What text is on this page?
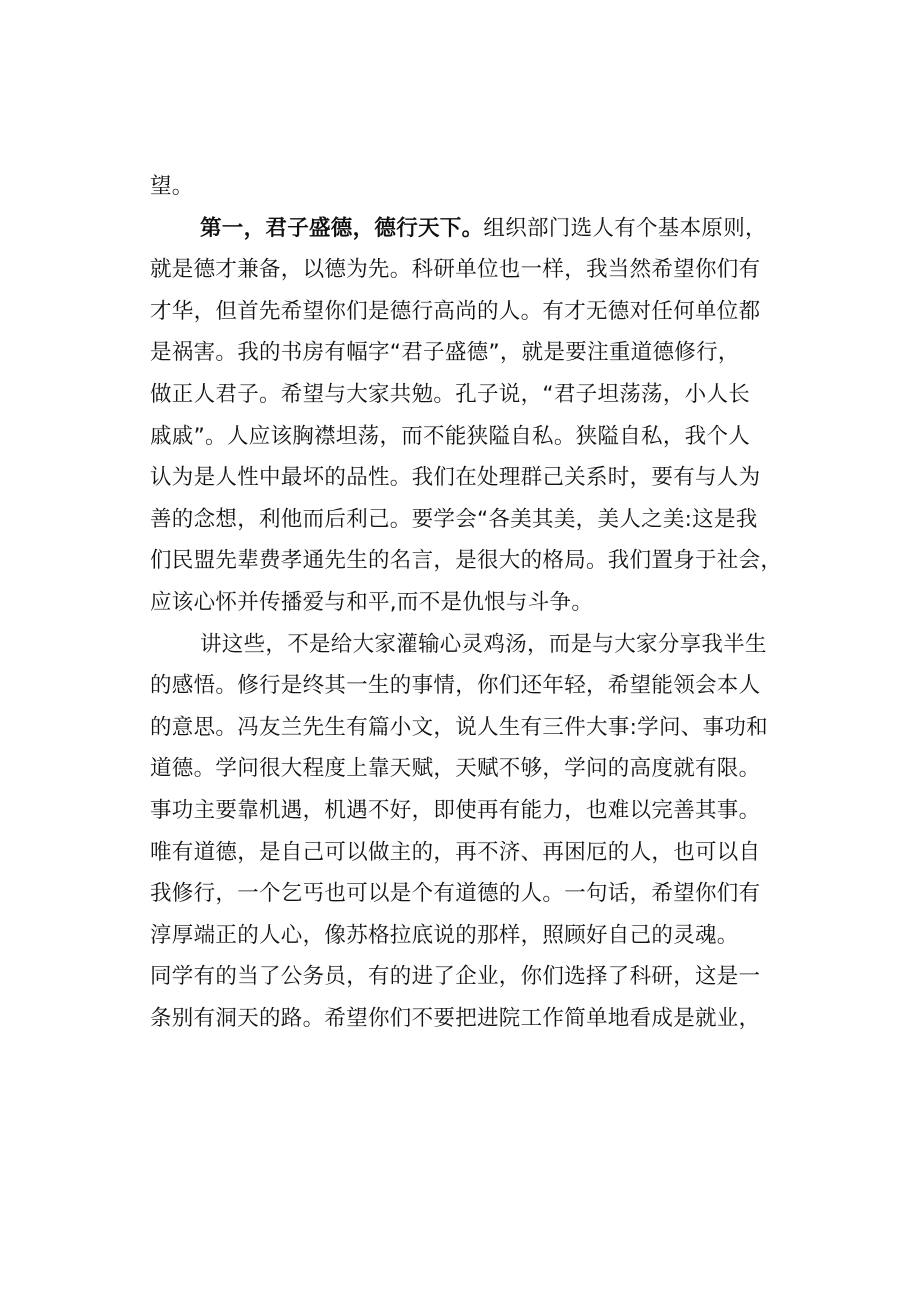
望。
第一，君子盛德，德行天下。组织部门选人有个基本原则，
就是德才兼备，以德为先。科研单位也一样，我当然希望你们有
才华，但首先希望你们是德行高尚的人。有才无德对任何单位都
是祸害。我的书房有幅字“君子盛德”，就是要注重道德修行，
做正人君子。希望与大家共勉。孔子说，“君子坦荡荡，小人长
戚戚”。人应该胸襟坦荡，而不能狭隘自私。狭隘自私，我个人
认为是人性中最坏的品性。我们在处理群己关系时，要有与人为
善的念想，利他而后利己。要学会“各美其美，美人之美:这是我
们民盟先辈费孝通先生的名言，是很大的格局。我们置身于社会，
应该心怀并传播爱与和平,而不是仇恨与斗争。
讲这些，不是给大家灌输心灵鸡汤，而是与大家分享我半生
的感悟。修行是终其一生的事情，你们还年轻，希望能领会本人
的意思。冯友兰先生有篇小文，说人生有三件大事:学问、事功和
道德。学问很大程度上靠天赋，天赋不够，学问的高度就有限。
事功主要靠机遇，机遇不好，即使再有能力，也难以完善其事。
唯有道德，是自己可以做主的，再不济、再困厄的人，也可以自
我修行，一个乞丐也可以是个有道德的人。一句话，希望你们有
淳厚端正的人心，像苏格拉底说的那样，照顾好自己的灵魂。
同学有的当了公务员，有的进了企业，你们选择了科研，这是一
条别有洞天的路。希望你们不要把进院工作简单地看成是就业，
